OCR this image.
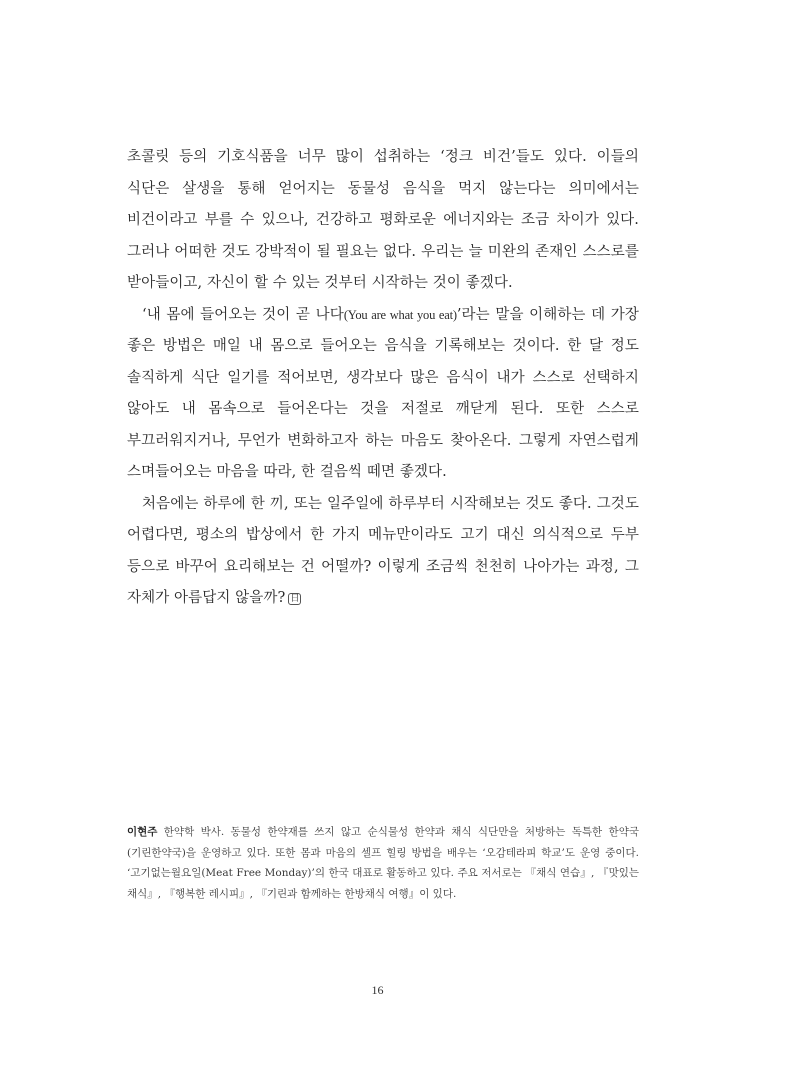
초콜릿 등의 기호식품을 너무 많이 섭취하는 ‘정크 비건’들도 있다. 이들의 식단은 살생을 통해 얻어지는 동물성 음식을 먹지 않는다는 의미에서는 비건이라고 부를 수 있으나, 건강하고 평화로운 에너지와는 조금 차이가 있다. 그러나 어떠한 것도 강박적이 될 필요는 없다. 우리는 늘 미완의 존재인 스스로를 받아들이고, 자신이 할 수 있는 것부터 시작하는 것이 좋겠다.

‘내 몸에 들어오는 것이 곧 나다(You are what you eat)’라는 말을 이해하는 데 가장 좋은 방법은 매일 내 몸으로 들어오는 음식을 기록해보는 것이다. 한 달 정도 솔직하게 식단 일기를 적어보면, 생각보다 많은 음식이 내가 스스로 선택하지 않아도 내 몸속으로 들어온다는 것을 저절로 깨닫게 된다. 또한 스스로 부끄러워지거나, 무언가 변화하고자 하는 마음도 찾아온다. 그렇게 자연스럽게 스며들어오는 마음을 따라, 한 걸음씩 떼면 좋겠다.

처음에는 하루에 한 끼, 또는 일주일에 하루부터 시작해보는 것도 좋다. 그것도 어렵다면, 평소의 밥상에서 한 가지 메뉴만이라도 고기 대신 의식적으로 두부 등으로 바꾸어 요리해보는 건 어떨까? 이렇게 조금씩 천천히 나아가는 과정, 그 자체가 아름답지 않을까? 日

이현주 한약학 박사. 동물성 한약재를 쓰지 않고 순식물성 한약과 채식 식단만을 처방하는 독특한 한약국(기린한약국)을 운영하고 있다. 또한 몸과 마음의 셀프 힐링 방법을 배우는 ‘오감테라피 학교’도 운영 중이다. ‘고기없는월요일(Meat Free Monday)’의 한국 대표로 활동하고 있다. 주요 저서로는 『채식 연습』, 『맛있는 채식』, 『행복한 레시피』, 『기린과 함께하는 한방채식 여행』이 있다.
16
